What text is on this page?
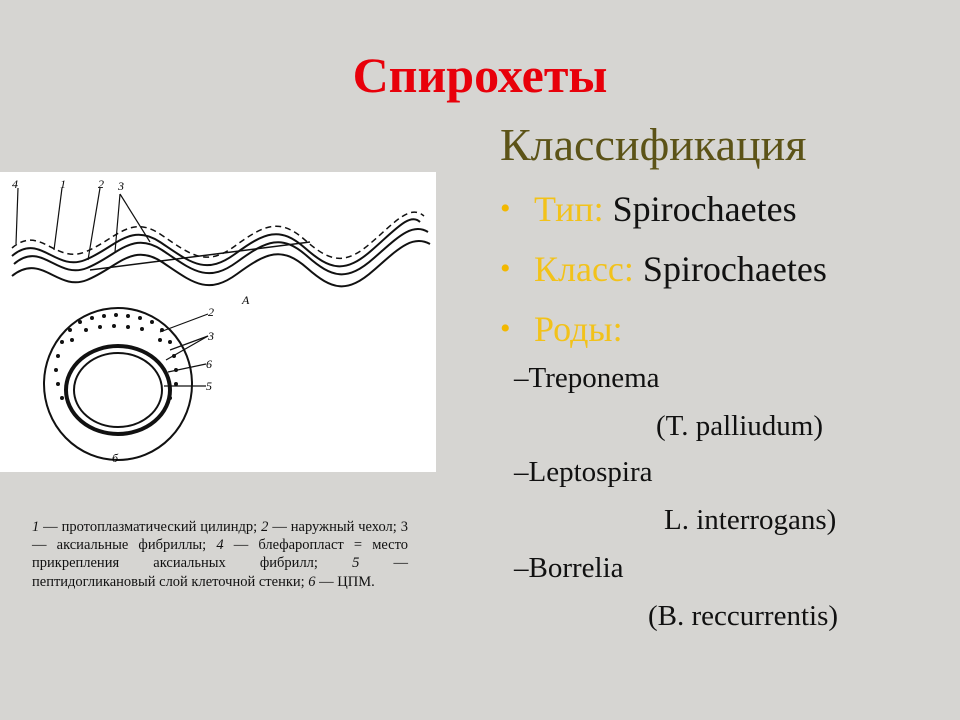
Спирохеты
Классификация
• Тип: Spirochaetes
• Класс: Spirochaetes
• Роды:
–Treponema
(T. palliudum)
–Leptospira
L. interrogans)
–Borrelia
(B. reccurrentis)
4	1	2 3
А
2
3
6
5
б
1 — протоплазматический цилиндр; 2 — наружный чехол; 3 — аксиальные фибриллы; 4 — блефаропласт = место прикрепления аксиальных фибрилл; 5 — пептидогликановый слой клеточной стенки; 6 — ЦПМ.
